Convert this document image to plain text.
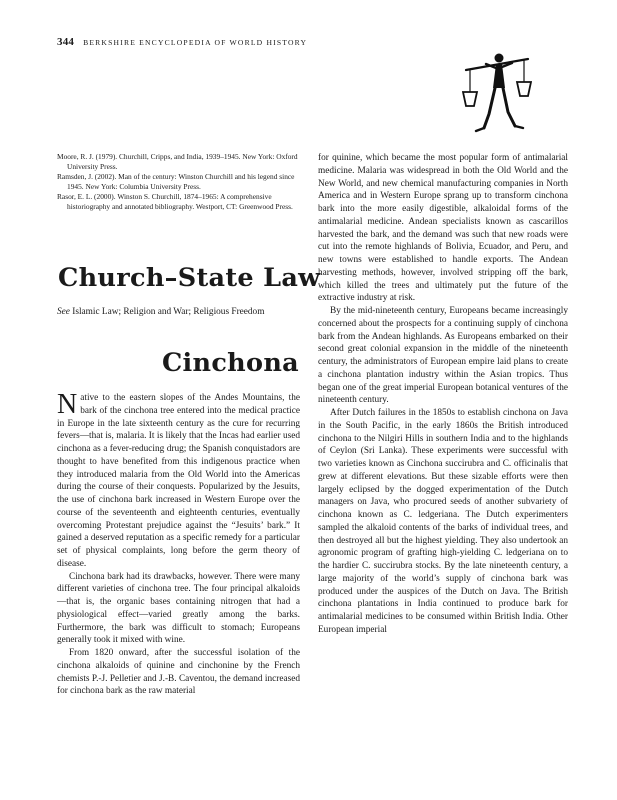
344 BERKSHIRE ENCYCLOPEDIA OF WORLD HISTORY
Moore, R. J. (1979). Churchill, Cripps, and India, 1939–1945. New York: Oxford University Press.
Ramsden, J. (2002). Man of the century: Winston Churchill and his legend since 1945. New York: Columbia University Press.
Rasor, E. L. (2000). Winston S. Churchill, 1874–1965: A comprehensive historiography and annotated bibliography. Westport, CT: Greenwood Press.
Church–State Law
See Islamic Law; Religion and War; Religious Freedom
Cinchona

Native to the eastern slopes of the Andes Mountains, the bark of the cinchona tree entered into the medical practice in Europe in the late sixteenth century as the cure for recurring fevers—that is, malaria. It is likely that the Incas had earlier used cinchona as a fever-reducing drug; the Spanish conquistadors are thought to have benefited from this indigenous practice when they introduced malaria from the Old World into the Americas during the course of their conquests. Popularized by the Jesuits, the use of cinchona bark increased in Western Europe over the course of the seventeenth and eighteenth centuries, eventually overcoming Protestant prejudice against the “Jesuits’ bark.” It gained a deserved reputation as a specific remedy for a particular set of physical complaints, long before the germ theory of disease.

Cinchona bark had its drawbacks, however. There were many different varieties of cinchona tree. The four principal alkaloids—that is, the organic bases containing nitrogen that had a physiological effect—varied greatly among the barks. Furthermore, the bark was difficult to stomach; Europeans generally took it mixed with wine.

From 1820 onward, after the successful isolation of the cinchona alkaloids of quinine and cinchonine by the French chemists P.-J. Pelletier and J.-B. Caventou, the demand increased for cinchona bark as the raw material

for quinine, which became the most popular form of antimalarial medicine. Malaria was widespread in both the Old World and the New World, and new chemical manufacturing companies in North America and in Western Europe sprang up to transform cinchona bark into the more easily digestible, alkaloidal forms of the antimalarial medicine. Andean specialists known as cascarillos harvested the bark, and the demand was such that new roads were cut into the remote highlands of Bolivia, Ecuador, and Peru, and new towns were established to handle exports. The Andean harvesting methods, however, involved stripping off the bark, which killed the trees and ultimately put the future of the extractive industry at risk.

By the mid-nineteenth century, Europeans became increasingly concerned about the prospects for a continuing supply of cinchona bark from the Andean highlands. As Europeans embarked on their second great colonial expansion in the middle of the nineteenth century, the administrators of European empire laid plans to create a cinchona plantation industry within the Asian tropics. Thus began one of the great imperial European botanical ventures of the nineteenth century.

After Dutch failures in the 1850s to establish cinchona on Java in the South Pacific, in the early 1860s the British introduced cinchona to the Nilgiri Hills in southern India and to the highlands of Ceylon (Sri Lanka). These experiments were successful with two varieties known as Cinchona succirubra and C. officinalis that grew at different elevations. But these sizable efforts were then largely eclipsed by the dogged experimentation of the Dutch managers on Java, who procured seeds of another subvariety of cinchona known as C. ledgeriana. The Dutch experimenters sampled the alkaloid contents of the barks of individual trees, and then destroyed all but the highest yielding. They also undertook an agronomic program of grafting high-yielding C. ledgeriana on to the hardier C. succirubra stocks. By the late nineteenth century, a large majority of the world’s supply of cinchona bark was produced under the auspices of the Dutch on Java. The British cinchona plantations in India continued to produce bark for antimalarial medicines to be consumed within British India. Other European imperial
